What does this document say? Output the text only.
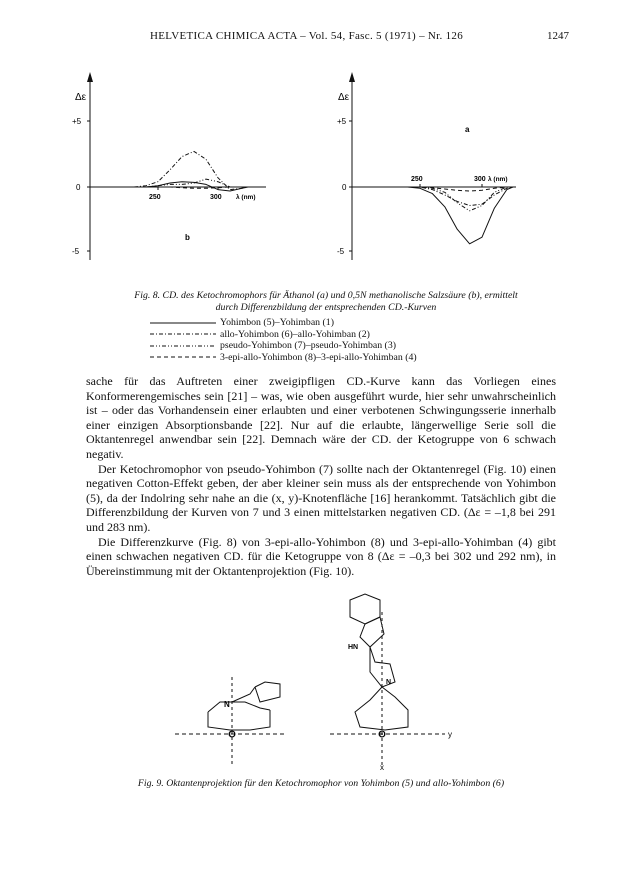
HELVETICA CHIMICA ACTA – Vol. 54, Fasc. 5 (1971) – Nr. 126	1247
Δε
+5
0
-5
250	300 λ (nm)
b
Δε
+5
0
-5
250	300 λ (nm)
a
Fig. 8. CD. des Ketochromophors für Äthanol (a) und 0,5N methanolische Salzsäure (b), ermittelt
durch Differenzbildung der entsprechenden CD.-Kurven
Yohimbon (5)–Yohimban (1)
allo-Yohimbon (6)–allo-Yohimban (2)
pseudo-Yohimbon (7)–pseudo-Yohimban (3)
3-epi-allo-Yohimbon (8)–3-epi-allo-Yohimban (4)

sache für das Auftreten einer zweigipfligen CD.-Kurve kann das Vorliegen eines Konformerengemisches sein [21] – was, wie oben ausgeführt wurde, hier sehr unwahrscheinlich ist – oder das Vorhandensein einer erlaubten und einer verbotenen Schwingungsserie innerhalb einer einzigen Absorptionsbande [22]. Nur auf die erlaubte, längerwellige Serie soll die Oktantenregel anwendbar sein [22]. Demnach wäre der CD. der Ketogruppe von 6 schwach negativ.

Der Ketochromophor von pseudo-Yohimbon (7) sollte nach der Oktantenregel (Fig. 10) einen negativen Cotton-Effekt geben, der aber kleiner sein muss als der entsprechende von Yohimbon (5), da der Indolring sehr nahe an die (x, y)-Knotenfläche [16] herankommt. Tatsächlich gibt die Differenzbildung der Kurven von 7 und 3 einen mittelstarken negativen CD. (Δε = –1,8 bei 291 und 283 nm).

Die Differenzkurve (Fig. 8) von 3-epi-allo-Yohimbon (8) und 3-epi-allo-Yohimban (4) gibt einen schwachen negativen CD. für die Ketogruppe von 8 (Δε = –0,3 bei 302 und 292 nm), in Übereinstimmung mit der Oktantenprojektion (Fig. 10).

N
O
HN
N
O	y
x
Fig. 9. Oktantenprojektion für den Ketochromophor von Yohimbon (5) und allo-Yohimbon (6)
